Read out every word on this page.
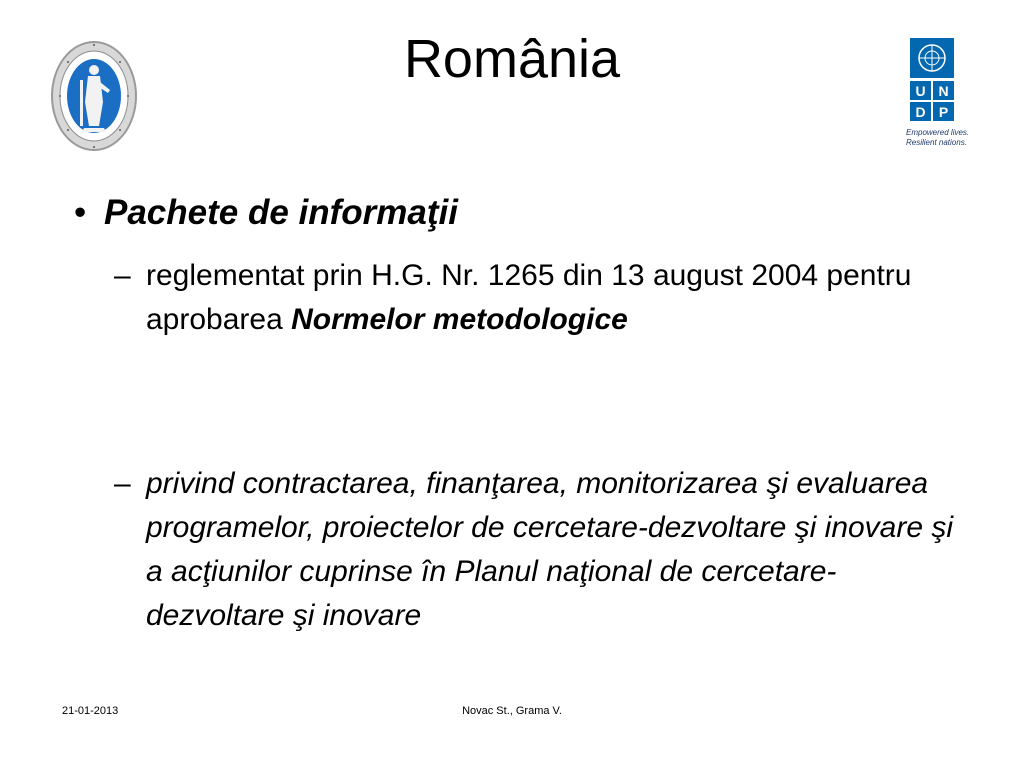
România
U N
D P
Empowered lives.
Resilient nations.
• Pachete de informaţii
– reglementat prin H.G. Nr. 1265 din 13 august 2004 pentru aprobarea Normelor metodologice
– privind contractarea, finanţarea, monitorizarea şi evaluarea programelor, proiectelor de cercetare-dezvoltare şi inovare şi a acţiunilor cuprinse în Planul naţional de cercetare-dezvoltare şi inovare
21-01-2013	Novac St., Grama V.
